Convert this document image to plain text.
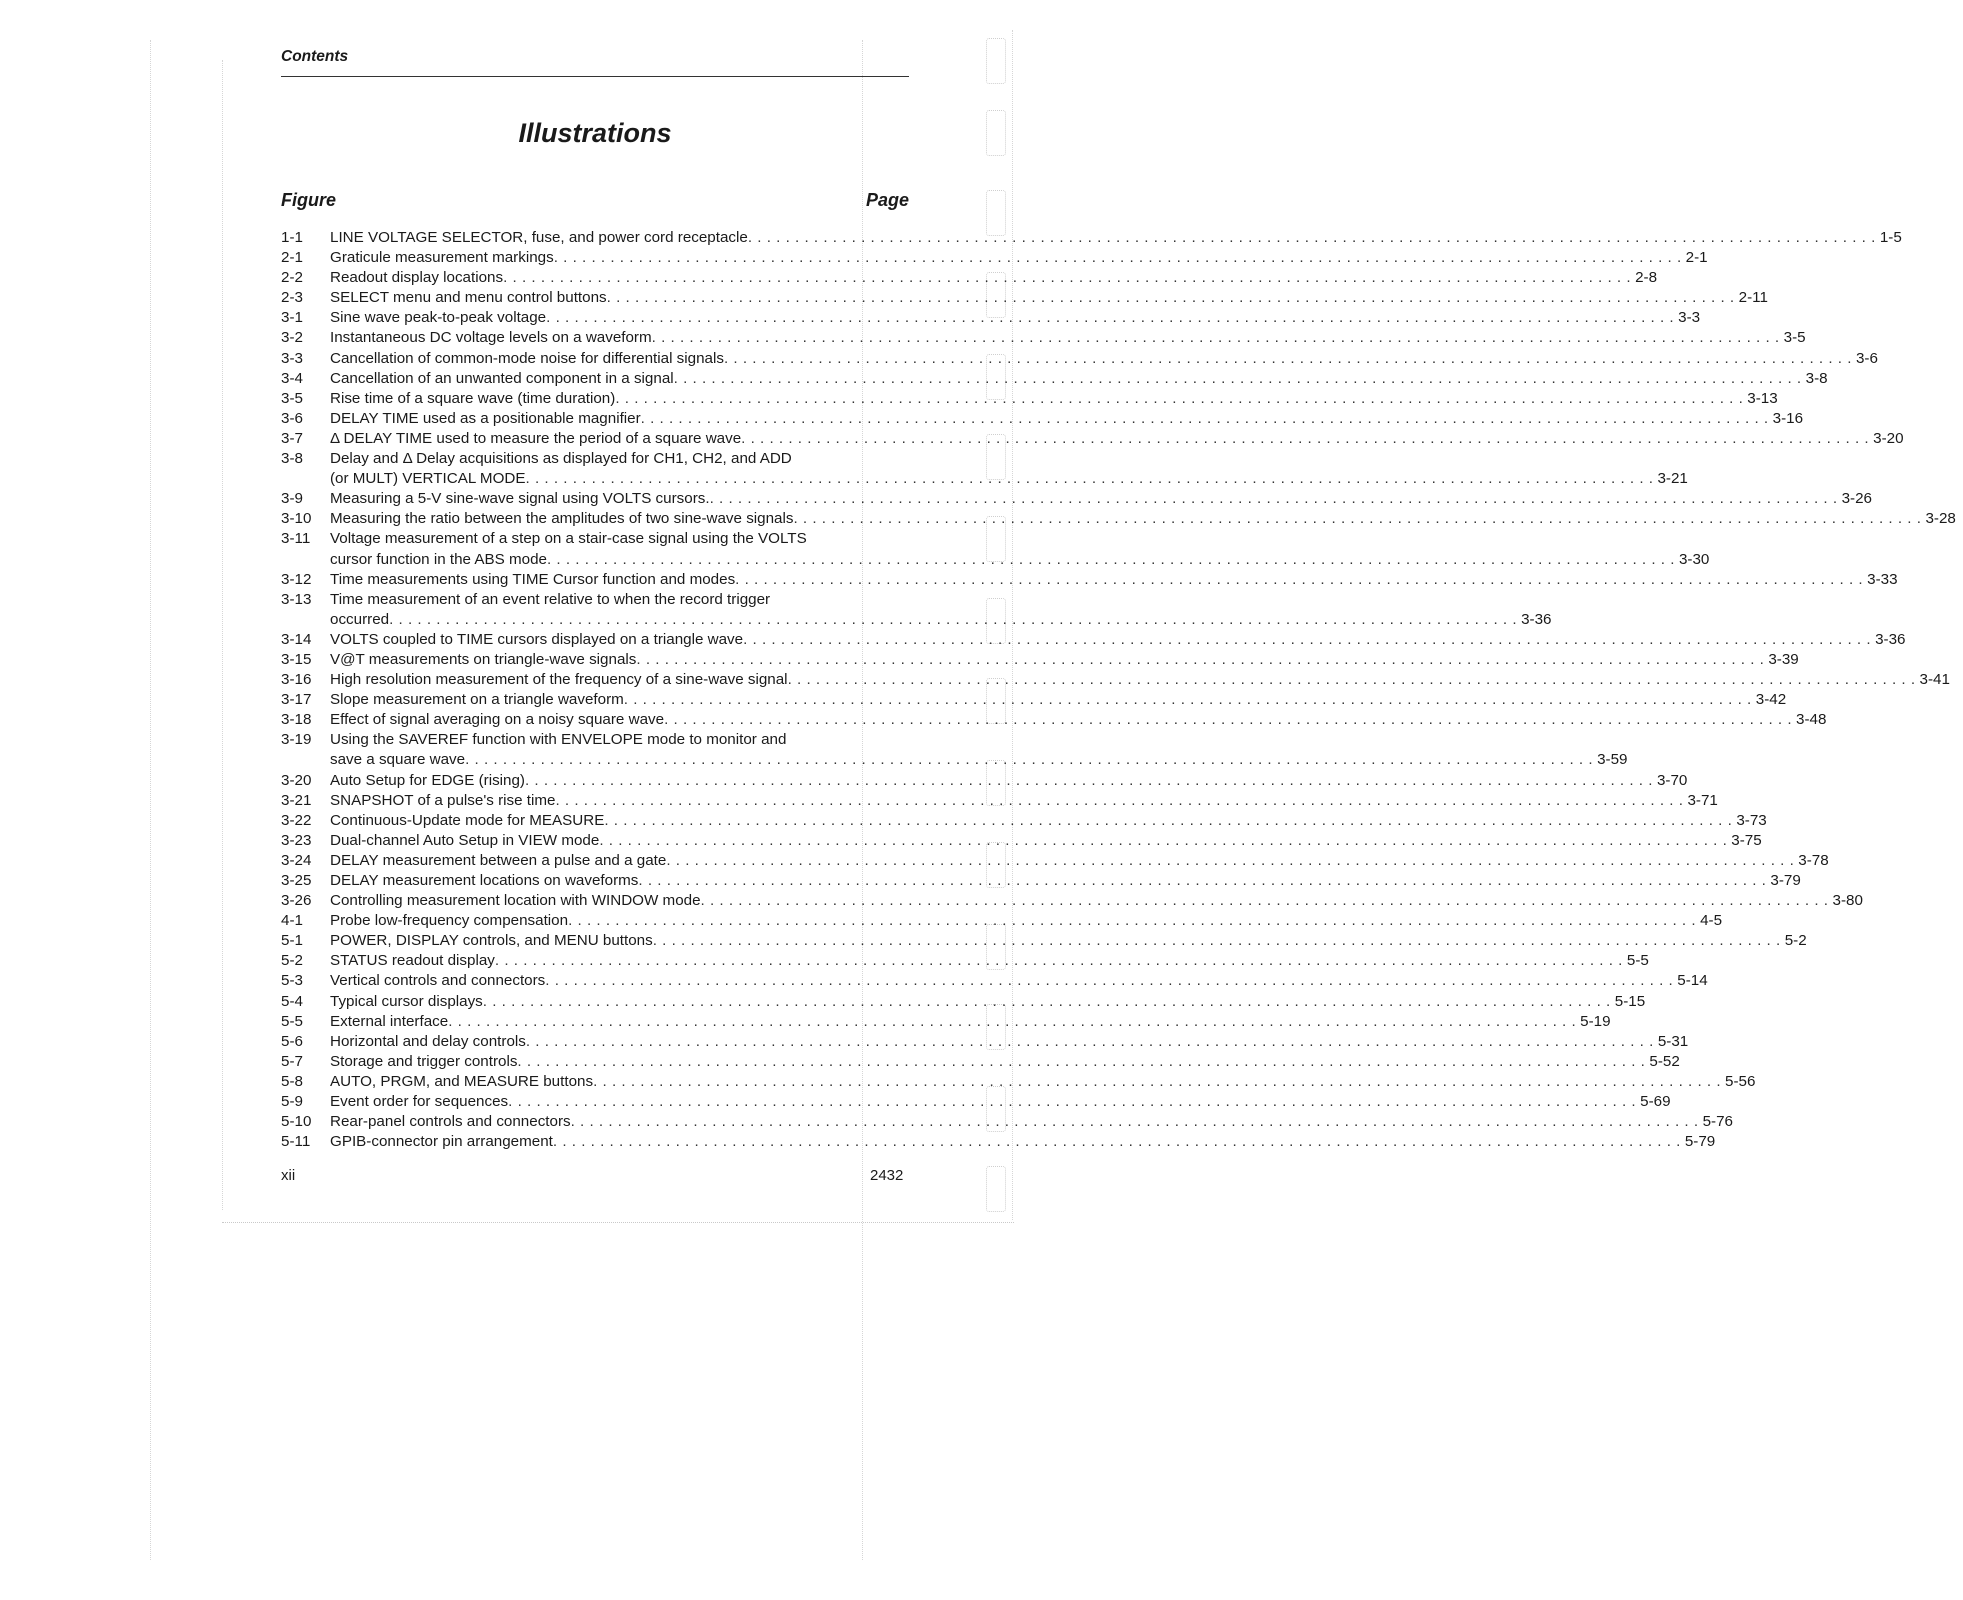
Contents
Illustrations
Figure	Page
1-1	LINE VOLTAGE SELECTOR, fuse, and power cord receptacle . . . . . . . . . . . . . . . . . . . . . . . . . . . . . . . . . . . . . . . . . . . . . . . . . . . . . . . . . . . . . . . . . . . . . . . . . . . . . . . . . . . . . . . . . . . . . . . . . . . . . . . . . . . . . . . . . . . . . . . . 1-5
2-1	Graticule measurement markings . . . . . . . . . . . . . . . . . . . . . . . . . . . . . . . . . . . . . . . . . . . . . . . . . . . . . . . . . . . . . . . . . . . . . . . . . . . . . . . . . . . . . . . . . . . . . . . . . . . . . . . . . . . . . . . . . . . . . . . . 2-1
2-2	Readout display locations . . . . . . . . . . . . . . . . . . . . . . . . . . . . . . . . . . . . . . . . . . . . . . . . . . . . . . . . . . . . . . . . . . . . . . . . . . . . . . . . . . . . . . . . . . . . . . . . . . . . . . . . . . . . . . . . . . . . . . . . 2-8
2-3	SELECT menu and menu control buttons . . . . . . . . . . . . . . . . . . . . . . . . . . . . . . . . . . . . . . . . . . . . . . . . . . . . . . . . . . . . . . . . . . . . . . . . . . . . . . . . . . . . . . . . . . . . . . . . . . . . . . . . . . . . . . . . . . . . . . . . 2-11
3-1	Sine wave peak-to-peak voltage . . . . . . . . . . . . . . . . . . . . . . . . . . . . . . . . . . . . . . . . . . . . . . . . . . . . . . . . . . . . . . . . . . . . . . . . . . . . . . . . . . . . . . . . . . . . . . . . . . . . . . . . . . . . . . . . . . . . . . . . 3-3
3-2	Instantaneous DC voltage levels on a waveform . . . . . . . . . . . . . . . . . . . . . . . . . . . . . . . . . . . . . . . . . . . . . . . . . . . . . . . . . . . . . . . . . . . . . . . . . . . . . . . . . . . . . . . . . . . . . . . . . . . . . . . . . . . . . . . . . . . . . . . . 3-5
3-3	Cancellation of common-mode noise for differential signals . . . . . . . . . . . . . . . . . . . . . . . . . . . . . . . . . . . . . . . . . . . . . . . . . . . . . . . . . . . . . . . . . . . . . . . . . . . . . . . . . . . . . . . . . . . . . . . . . . . . . . . . . . . . . . . . . . . . . . . . 3-6
3-4	Cancellation of an unwanted component in a signal . . . . . . . . . . . . . . . . . . . . . . . . . . . . . . . . . . . . . . . . . . . . . . . . . . . . . . . . . . . . . . . . . . . . . . . . . . . . . . . . . . . . . . . . . . . . . . . . . . . . . . . . . . . . . . . . . . . . . . . . 3-8
3-5	Rise time of a square wave (time duration) . . . . . . . . . . . . . . . . . . . . . . . . . . . . . . . . . . . . . . . . . . . . . . . . . . . . . . . . . . . . . . . . . . . . . . . . . . . . . . . . . . . . . . . . . . . . . . . . . . . . . . . . . . . . . . . . . . . . . . . . 3-13
3-6	DELAY TIME used as a positionable magnifier . . . . . . . . . . . . . . . . . . . . . . . . . . . . . . . . . . . . . . . . . . . . . . . . . . . . . . . . . . . . . . . . . . . . . . . . . . . . . . . . . . . . . . . . . . . . . . . . . . . . . . . . . . . . . . . . . . . . . . . . 3-16
3-7	Δ DELAY TIME used to measure the period of a square wave . . . . . . . . . . . . . . . . . . . . . . . . . . . . . . . . . . . . . . . . . . . . . . . . . . . . . . . . . . . . . . . . . . . . . . . . . . . . . . . . . . . . . . . . . . . . . . . . . . . . . . . . . . . . . . . . . . . . . . . . 3-20
3-8	Delay and Δ Delay acquisitions as displayed for CH1, CH2, and ADD
(or MULT) VERTICAL MODE . . . . . . . . . . . . . . . . . . . . . . . . . . . . . . . . . . . . . . . . . . . . . . . . . . . . . . . . . . . . . . . . . . . . . . . . . . . . . . . . . . . . . . . . . . . . . . . . . . . . . . . . . . . . . . . . . . . . . . . . 3-21
3-9	Measuring a 5-V sine-wave signal using VOLTS cursors. . . . . . . . . . . . . . . . . . . . . . . . . . . . . . . . . . . . . . . . . . . . . . . . . . . . . . . . . . . . . . . . . . . . . . . . . . . . . . . . . . . . . . . . . . . . . . . . . . . . . . . . . . . . . . . . . . . . . . . . . 3-26
3-10	Measuring the ratio between the amplitudes of two sine-wave signals . . . . . . . . . . . . . . . . . . . . . . . . . . . . . . . . . . . . . . . . . . . . . . . . . . . . . . . . . . . . . . . . . . . . . . . . . . . . . . . . . . . . . . . . . . . . . . . . . . . . . . . . . . . . . . . . . . . . . . . . 3-28
3-11	Voltage measurement of a step on a stair-case signal using the VOLTS
cursor function in the ABS mode . . . . . . . . . . . . . . . . . . . . . . . . . . . . . . . . . . . . . . . . . . . . . . . . . . . . . . . . . . . . . . . . . . . . . . . . . . . . . . . . . . . . . . . . . . . . . . . . . . . . . . . . . . . . . . . . . . . . . . . . 3-30
3-12	Time measurements using TIME Cursor function and modes . . . . . . . . . . . . . . . . . . . . . . . . . . . . . . . . . . . . . . . . . . . . . . . . . . . . . . . . . . . . . . . . . . . . . . . . . . . . . . . . . . . . . . . . . . . . . . . . . . . . . . . . . . . . . . . . . . . . . . . . 3-33
3-13	Time measurement of an event relative to when the record trigger
occurred . . . . . . . . . . . . . . . . . . . . . . . . . . . . . . . . . . . . . . . . . . . . . . . . . . . . . . . . . . . . . . . . . . . . . . . . . . . . . . . . . . . . . . . . . . . . . . . . . . . . . . . . . . . . . . . . . . . . . . . . 3-36
3-14	VOLTS coupled to TIME cursors displayed on a triangle wave . . . . . . . . . . . . . . . . . . . . . . . . . . . . . . . . . . . . . . . . . . . . . . . . . . . . . . . . . . . . . . . . . . . . . . . . . . . . . . . . . . . . . . . . . . . . . . . . . . . . . . . . . . . . . . . . . . . . . . . . 3-36
3-15	V@T measurements on triangle-wave signals . . . . . . . . . . . . . . . . . . . . . . . . . . . . . . . . . . . . . . . . . . . . . . . . . . . . . . . . . . . . . . . . . . . . . . . . . . . . . . . . . . . . . . . . . . . . . . . . . . . . . . . . . . . . . . . . . . . . . . . . 3-39
3-16	High resolution measurement of the frequency of a sine-wave signal . . . . . . . . . . . . . . . . . . . . . . . . . . . . . . . . . . . . . . . . . . . . . . . . . . . . . . . . . . . . . . . . . . . . . . . . . . . . . . . . . . . . . . . . . . . . . . . . . . . . . . . . . . . . . . . . . . . . . . . . 3-41
3-17	Slope measurement on a triangle waveform . . . . . . . . . . . . . . . . . . . . . . . . . . . . . . . . . . . . . . . . . . . . . . . . . . . . . . . . . . . . . . . . . . . . . . . . . . . . . . . . . . . . . . . . . . . . . . . . . . . . . . . . . . . . . . . . . . . . . . . . 3-42
3-18	Effect of signal averaging on a noisy square wave . . . . . . . . . . . . . . . . . . . . . . . . . . . . . . . . . . . . . . . . . . . . . . . . . . . . . . . . . . . . . . . . . . . . . . . . . . . . . . . . . . . . . . . . . . . . . . . . . . . . . . . . . . . . . . . . . . . . . . . . 3-48
3-19	Using the SAVEREF function with ENVELOPE mode to monitor and
save a square wave . . . . . . . . . . . . . . . . . . . . . . . . . . . . . . . . . . . . . . . . . . . . . . . . . . . . . . . . . . . . . . . . . . . . . . . . . . . . . . . . . . . . . . . . . . . . . . . . . . . . . . . . . . . . . . . . . . . . . . . . 3-59
3-20	Auto Setup for EDGE (rising) . . . . . . . . . . . . . . . . . . . . . . . . . . . . . . . . . . . . . . . . . . . . . . . . . . . . . . . . . . . . . . . . . . . . . . . . . . . . . . . . . . . . . . . . . . . . . . . . . . . . . . . . . . . . . . . . . . . . . . . . 3-70
3-21	SNAPSHOT of a pulse's rise time . . . . . . . . . . . . . . . . . . . . . . . . . . . . . . . . . . . . . . . . . . . . . . . . . . . . . . . . . . . . . . . . . . . . . . . . . . . . . . . . . . . . . . . . . . . . . . . . . . . . . . . . . . . . . . . . . . . . . . . . 3-71
3-22	Continuous-Update mode for MEASURE . . . . . . . . . . . . . . . . . . . . . . . . . . . . . . . . . . . . . . . . . . . . . . . . . . . . . . . . . . . . . . . . . . . . . . . . . . . . . . . . . . . . . . . . . . . . . . . . . . . . . . . . . . . . . . . . . . . . . . . . 3-73
3-23	Dual-channel Auto Setup in VIEW mode . . . . . . . . . . . . . . . . . . . . . . . . . . . . . . . . . . . . . . . . . . . . . . . . . . . . . . . . . . . . . . . . . . . . . . . . . . . . . . . . . . . . . . . . . . . . . . . . . . . . . . . . . . . . . . . . . . . . . . . . 3-75
3-24	DELAY measurement between a pulse and a gate . . . . . . . . . . . . . . . . . . . . . . . . . . . . . . . . . . . . . . . . . . . . . . . . . . . . . . . . . . . . . . . . . . . . . . . . . . . . . . . . . . . . . . . . . . . . . . . . . . . . . . . . . . . . . . . . . . . . . . . . 3-78
3-25	DELAY measurement locations on waveforms . . . . . . . . . . . . . . . . . . . . . . . . . . . . . . . . . . . . . . . . . . . . . . . . . . . . . . . . . . . . . . . . . . . . . . . . . . . . . . . . . . . . . . . . . . . . . . . . . . . . . . . . . . . . . . . . . . . . . . . . 3-79
3-26	Controlling measurement location with WINDOW mode . . . . . . . . . . . . . . . . . . . . . . . . . . . . . . . . . . . . . . . . . . . . . . . . . . . . . . . . . . . . . . . . . . . . . . . . . . . . . . . . . . . . . . . . . . . . . . . . . . . . . . . . . . . . . . . . . . . . . . . . 3-80
4-1	Probe low-frequency compensation . . . . . . . . . . . . . . . . . . . . . . . . . . . . . . . . . . . . . . . . . . . . . . . . . . . . . . . . . . . . . . . . . . . . . . . . . . . . . . . . . . . . . . . . . . . . . . . . . . . . . . . . . . . . . . . . . . . . . . . . 4-5
5-1	POWER, DISPLAY controls, and MENU buttons . . . . . . . . . . . . . . . . . . . . . . . . . . . . . . . . . . . . . . . . . . . . . . . . . . . . . . . . . . . . . . . . . . . . . . . . . . . . . . . . . . . . . . . . . . . . . . . . . . . . . . . . . . . . . . . . . . . . . . . . 5-2
5-2	STATUS readout display . . . . . . . . . . . . . . . . . . . . . . . . . . . . . . . . . . . . . . . . . . . . . . . . . . . . . . . . . . . . . . . . . . . . . . . . . . . . . . . . . . . . . . . . . . . . . . . . . . . . . . . . . . . . . . . . . . . . . . . . 5-5
5-3	Vertical controls and connectors . . . . . . . . . . . . . . . . . . . . . . . . . . . . . . . . . . . . . . . . . . . . . . . . . . . . . . . . . . . . . . . . . . . . . . . . . . . . . . . . . . . . . . . . . . . . . . . . . . . . . . . . . . . . . . . . . . . . . . . . 5-14
5-4	Typical cursor displays . . . . . . . . . . . . . . . . . . . . . . . . . . . . . . . . . . . . . . . . . . . . . . . . . . . . . . . . . . . . . . . . . . . . . . . . . . . . . . . . . . . . . . . . . . . . . . . . . . . . . . . . . . . . . . . . . . . . . . . . 5-15
5-5	External interface . . . . . . . . . . . . . . . . . . . . . . . . . . . . . . . . . . . . . . . . . . . . . . . . . . . . . . . . . . . . . . . . . . . . . . . . . . . . . . . . . . . . . . . . . . . . . . . . . . . . . . . . . . . . . . . . . . . . . . . . 5-19
5-6	Horizontal and delay controls . . . . . . . . . . . . . . . . . . . . . . . . . . . . . . . . . . . . . . . . . . . . . . . . . . . . . . . . . . . . . . . . . . . . . . . . . . . . . . . . . . . . . . . . . . . . . . . . . . . . . . . . . . . . . . . . . . . . . . . . 5-31
5-7	Storage and trigger controls . . . . . . . . . . . . . . . . . . . . . . . . . . . . . . . . . . . . . . . . . . . . . . . . . . . . . . . . . . . . . . . . . . . . . . . . . . . . . . . . . . . . . . . . . . . . . . . . . . . . . . . . . . . . . . . . . . . . . . . . 5-52
5-8	AUTO, PRGM, and MEASURE buttons . . . . . . . . . . . . . . . . . . . . . . . . . . . . . . . . . . . . . . . . . . . . . . . . . . . . . . . . . . . . . . . . . . . . . . . . . . . . . . . . . . . . . . . . . . . . . . . . . . . . . . . . . . . . . . . . . . . . . . . . 5-56
5-9	Event order for sequences . . . . . . . . . . . . . . . . . . . . . . . . . . . . . . . . . . . . . . . . . . . . . . . . . . . . . . . . . . . . . . . . . . . . . . . . . . . . . . . . . . . . . . . . . . . . . . . . . . . . . . . . . . . . . . . . . . . . . . . . 5-69
5-10	Rear-panel controls and connectors . . . . . . . . . . . . . . . . . . . . . . . . . . . . . . . . . . . . . . . . . . . . . . . . . . . . . . . . . . . . . . . . . . . . . . . . . . . . . . . . . . . . . . . . . . . . . . . . . . . . . . . . . . . . . . . . . . . . . . . . 5-76
5-11	GPIB-connector pin arrangement . . . . . . . . . . . . . . . . . . . . . . . . . . . . . . . . . . . . . . . . . . . . . . . . . . . . . . . . . . . . . . . . . . . . . . . . . . . . . . . . . . . . . . . . . . . . . . . . . . . . . . . . . . . . . . . . . . . . . . . . 5-79
xii	2432
